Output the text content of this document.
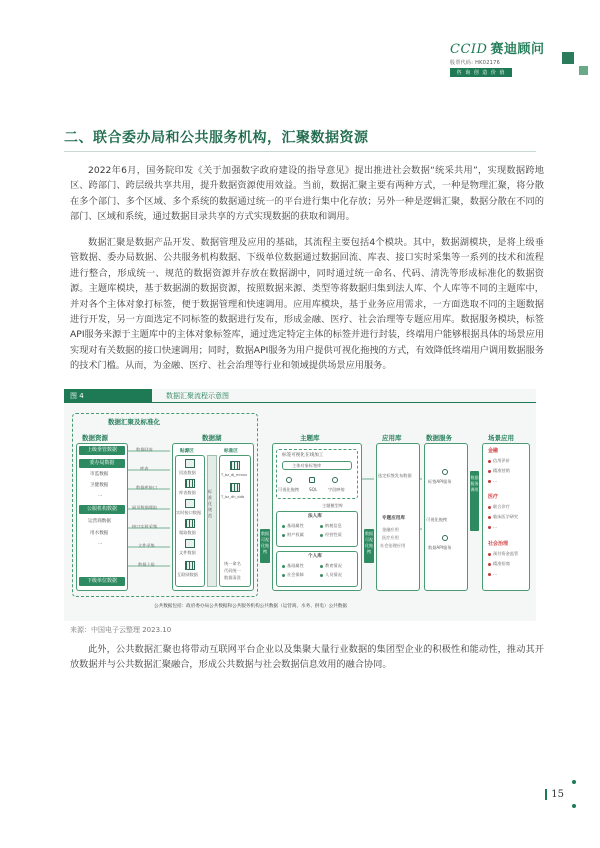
CCID 赛迪顾问
股票代码: HK02176
咨 询 创 造 价 值
二、联合委办局和公共服务机构，汇聚数据资源
2022年6月，国务院印发《关于加强数字政府建设的指导意见》提出推进社会数据“统采共用”，实现数据跨地区、跨部门、跨层级共享共用，提升数据资源使用效益。当前，数据汇聚主要有两种方式，一种是物理汇聚，将分散在多个部门、多个区域、多个系统的数据通过统一的平台进行集中化存放；另外一种是逻辑汇聚，数据分散在不同的部门、区域和系统，通过数据目录共享的方式实现数据的获取和调用。
数据汇聚是数据产品开发、数据管理及应用的基础，其流程主要包括4个模块。其中，数据湖模块，是将上级垂管数据、委办局数据、公共服务机构数据、下级单位数据通过数据回流、库表、接口实时采集等一系列的技术和流程进行整合，形成统一、规范的数据资源并存放在数据湖中，同时通过统一命名、代码、清洗等形成标准化的数据资源。主题库模块，基于数据湖的数据资源，按照数据来源、类型等将数据归集到法人库、个人库等不同的主题库中，并对各个主体对象打标签，便于数据管理和快速调用。应用库模块，基于业务应用需求，一方面选取不同的主题数据进行开发，另一方面选定不同标签的数据进行发布，形成金融、医疗、社会治理等专题应用库。数据服务模块，标签API服务来源于主题库中的主体对象标签库，通过选定特定主体的标签并进行封装，终端用户能够根据具体的场景应用实现对有关数据的接口快速调用；同时，数据API服务为用户提供可视化拖拽的方式，有效降低终端用户调用数据服务的技术门槛。从而，为金融、医疗、社会治理等行业和领域提供场景应用服务。
图 4	数据汇聚流程示意图
数据汇聚及标准化
数据资源
上级垂管数据
委办局数据
市监数据
卫健数据
...
公服机构数据
运营商数据
用水数据
...
下级单位数据
数据回流
库表
数据库接口
网页数据爬取
接口实时采集
文件采集
数据上报
数据湖
贴源区	标准区
回流数据
库表数据
实时接口数据
爬取数据
文件数据
互联网数据
标准化规范
T_bz_dj_mrxxx
T_bz_dh_ddb
统一命名
代码统一
数据清洗
数据可视化拖拽
主题库
标签可视化在线加工
主体对象标签库
可视化拖拽 SQL	字段映射
主题模型库
法人库
基础属性	纳税信息
财产权属	经营性质
个人库
基础属性	教育情况
社会保障	人员情况
数据可视化拖拽
应用库
选定标签发布数据
专题应用库
金融应用
医疗应用
社会治理应用
数据服务
标签API服务
可视化拖拽
数据API服务
数据服务调用
场景应用
金融
信用评价
精准营销
...
医疗
联合诊疗
临床医学研究
...
社会治理
预付资金监管
精准招商
...
公共数据包括：政府委办局公共数据和公共服务机构公共数据（运营商、水务、供电）公共数据
来源：中国电子云整理 2023.10
此外，公共数据汇聚也将带动互联网平台企业以及集聚大量行业数据的集团型企业的积极性和能动性，推动其开放数据并与公共数据汇聚融合，形成公共数据与社会数据信息效用的融合协同。
15
